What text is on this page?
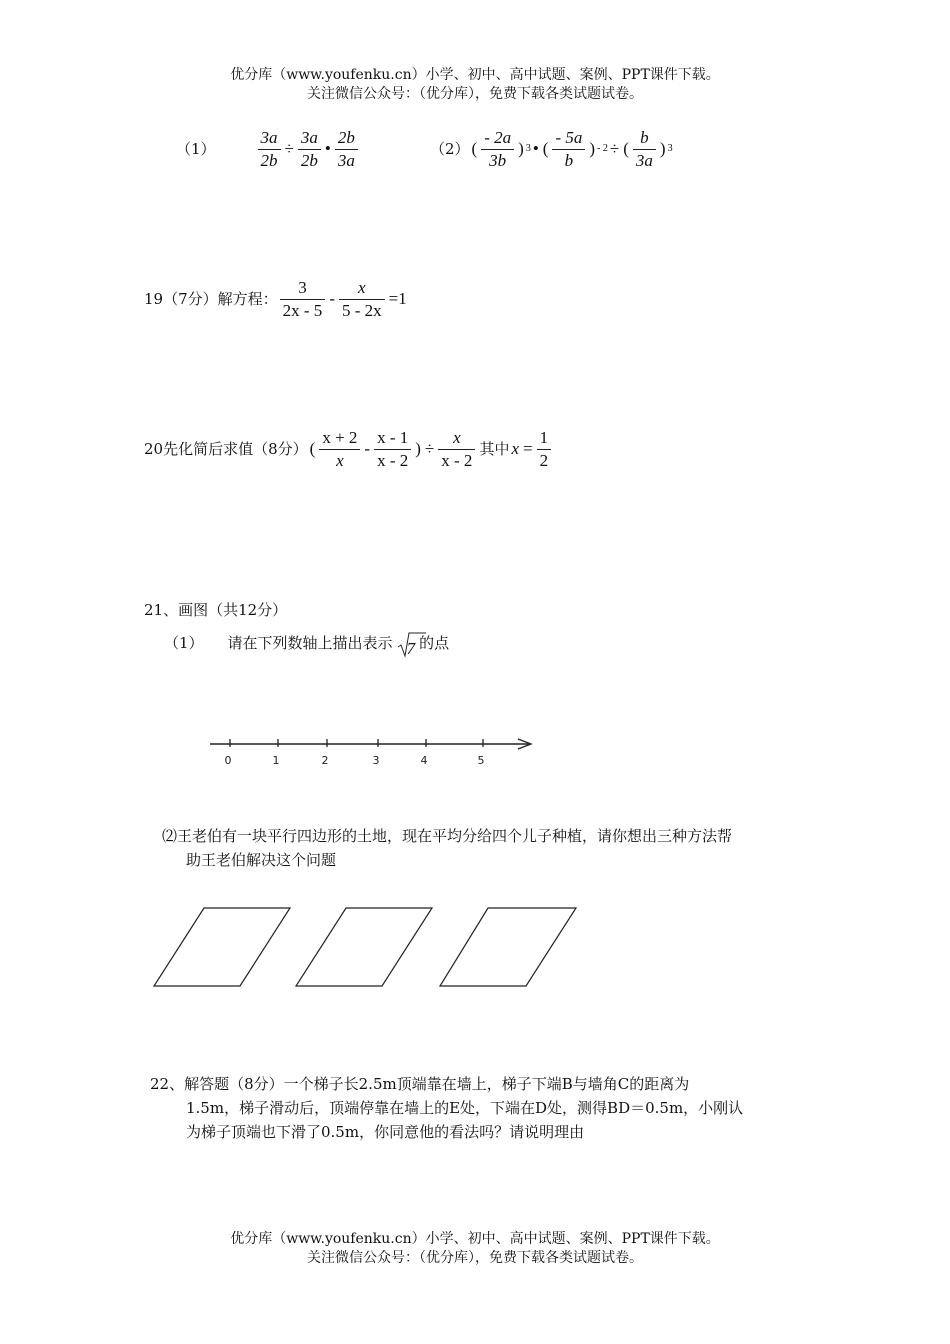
优分库（www.youfenku.cn）小学、初中、高中试题、案例、PPT课件下载。
关注微信公众号：（优分库），免费下载各类试题试卷。
$(1) \frac{3a}{2b} \div \frac{3a}{2b}$ • $\frac{2b}{3a}$	（2） ( $\frac{- 2a}{3b}$ ) 3 • ( $\frac{- 5a}{b}$ ) - 2 ÷ ( $\frac{b}{3a}$ ) 3
19（7分）解方程： $\frac{3}{2x - 5} - \frac{x}{5 - 2x} =1$
20先化简后求值（8分） ( $\frac{x + 2}{x} - \frac{x - 1}{x - 2}$ ) ÷ $\frac{x}{x - 2}$ 其中 $x = \frac{1}{2}$
21、画图（共12分）
（1） 请在下列数轴上描出表示 7 的点
0	1	2	3	4	5
⑵王老伯有一块平行四边形的土地，现在平均分给四个儿子种植，请你想出三种方法帮
助王老伯解决这个问题
22、解答题（8分）一个梯子长2.5m顶端靠在墙上，梯子下端B与墙角C的距离为
1.5m，梯子滑动后，顶端停靠在墙上的E处，下端在D处，测得BD＝0.5m，小刚认
为梯子顶端也下滑了0.5m，你同意他的看法吗？请说明理由
优分库（www.youfenku.cn）小学、初中、高中试题、案例、PPT课件下载。
关注微信公众号：（优分库），免费下载各类试题试卷。
